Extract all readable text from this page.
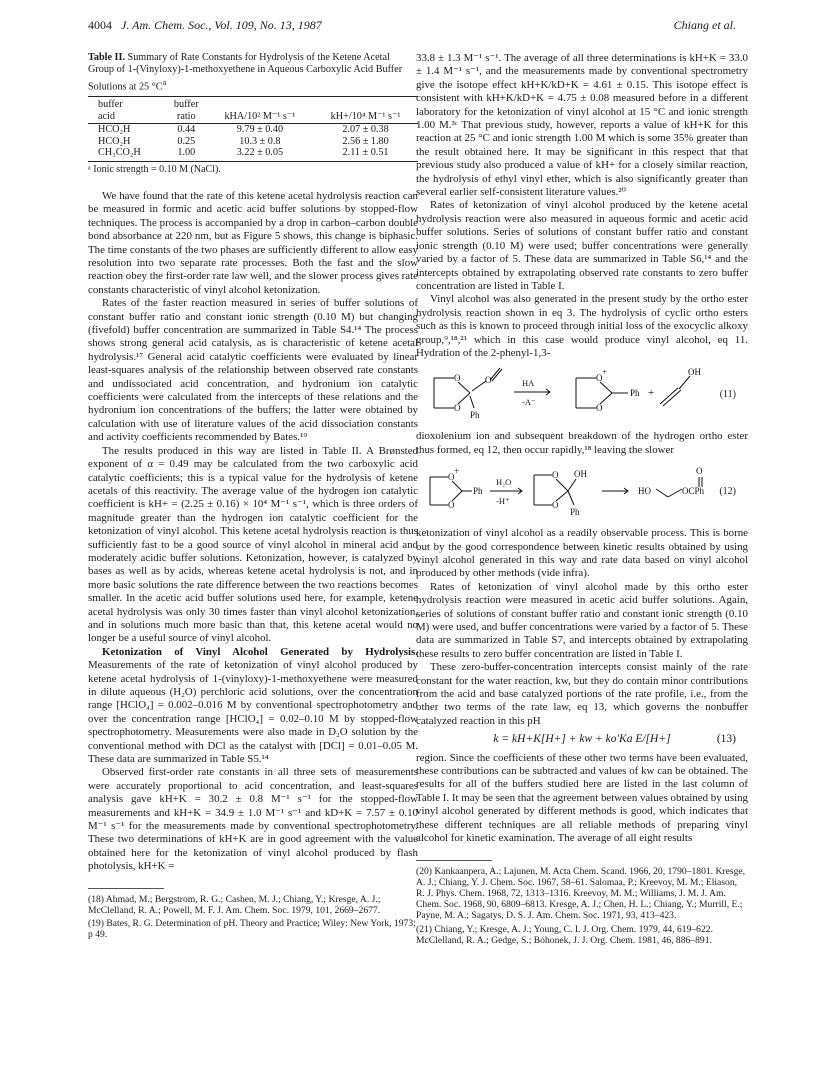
4004 J. Am. Chem. Soc., Vol. 109, No. 13, 1987	Chiang et al.
Table II. Summary of Rate Constants for Hydrolysis of the Ketene Acetal Group of 1-(Vinyloxy)-1-methoxyethene in Aqueous Carboxylic Acid Buffer Solutions at 25 $^\circ C^a$
buffer	buffer		
acid	ratio	kHA/10² M⁻¹ s⁻¹	kH+/10⁴ M⁻¹ s⁻¹
HCO₂H	0.44	9.79 ± 0.40	2.07 ± 0.38
HCO₂H	0.25	10.3 ± 0.8	2.56 ± 1.80
CH₃CO₂H	1.00	3.22 ± 0.05	2.11 ± 0.51
ᵃ Ionic strength = 0.10 M (NaCl).

We have found that the rate of this ketene acetal hydrolysis reaction can be measured in formic and acetic acid buffer solutions by stopped-flow techniques. The process is accompanied by a drop in carbon–carbon double bond absorbance at 220 nm, but as Figure 5 shows, this change is biphasic. The time constants of the two phases are sufficiently different to allow easy resolution into two separate rate processes. Both the fast and the slow reaction obey the first-order rate law well, and the slower process gives rate constants characteristic of vinyl alcohol ketonization.

Rates of the faster reaction measured in series of buffer solutions of constant buffer ratio and constant ionic strength (0.10 M) but changing (fivefold) buffer concentration are summarized in Table S4.¹⁴ The process shows strong general acid catalysis, as is characteristic of ketene acetal hydrolysis.¹⁷ General acid catalytic coefficients were evaluated by linear least-squares analysis of the relationship between observed rate constants and undissociated acid concentration, and hydronium ion catalytic coefficients were calculated from the intercepts of these relations and the hydronium ion concentrations of the buffers; the latter were obtained by calculation with use of literature values of the acid dissociation constants and activity coefficients recommended by Bates.¹⁹

The results produced in this way are listed in Table II. A Brønsted exponent of α = 0.49 may be calculated from the two carboxylic acid catalytic coefficients; this is a typical value for the hydrolysis of ketene acetals of this reactivity. The average value of the hydrogen ion catalytic coefficient is kH+ = (2.25 ± 0.16) × 10⁴ M⁻¹ s⁻¹, which is three orders of magnitude greater than the hydrogen ion catalytic coefficient for the ketonization of vinyl alcohol. This ketene acetal hydrolysis reaction is thus sufficiently fast to be a good source of vinyl alcohol in mineral acid and moderately acidic buffer solutions. Ketonization, however, is catalyzed by bases as well as by acids, whereas ketene acetal hydrolysis is not, and in more basic solutions the rate difference between the two reactions becomes smaller. In the acetic acid buffer solutions used here, for example, ketene acetal hydrolysis was only 30 times faster than vinyl alcohol ketonization, and in solutions much more basic than that, this ketene acetal would no longer be a useful source of vinyl alcohol.

Ketonization of Vinyl Alcohol Generated by Hydrolysis. Measurements of the rate of ketonization of vinyl alcohol produced by ketene acetal hydrolysis of 1-(vinyloxy)-1-methoxyethene were measured in dilute aqueous (H₂O) perchloric acid solutions, over the concentration range [HClO₄] = 0.002–0.016 M by conventional spectrophotometry and over the concentration range [HClO₄] = 0.02–0.10 M by stopped-flow spectrophotometry. Measurements were also made in D₂O solution by the conventional method with DCl as the catalyst with [DCl] = 0.01–0.05 M. These data are summarized in Table S5.¹⁴

Observed first-order rate constants in all three sets of measurements were accurately proportional to acid concentration, and least-squares analysis gave kH+K = 30.2 ± 0.8 M⁻¹ s⁻¹ for the stopped-flow measurements and kH+K = 34.9 ± 1.0 M⁻¹ s⁻¹ and kD+K = 7.57 ± 0.10 M⁻¹ s⁻¹ for the measurements made by conventional spectrophotometry. These two determinations of kH+K are in good agreement with the value obtained here for the ketonization of vinyl alcohol produced by flash photolysis, kH+K =

(18) Ahmad, M.; Bergstrom, R. G.; Cashen, M. J.; Chiang, Y.; Kresge, A. J.; McClelland, R. A.; Powell, M. F. J. Am. Chem. Soc. 1979, 101, 2669–2677.

(19) Bates, R. G. Determination of pH. Theory and Practice; Wiley: New York, 1973; p 49.

33.8 ± 1.3 M⁻¹ s⁻¹. The average of all three determinations is kH+K = 33.0 ± 1.4 M⁻¹ s⁻¹, and the measurements made by conventional spectrometry give the isotope effect kH+K/kD+K = 4.61 ± 0.15. This isotope effect is consistent with kH+K/kD+K = 4.75 ± 0.08 measured before in a different laboratory for the ketonization of vinyl alcohol at 15 °C and ionic strength 1.00 M.³ᶜ That previous study, however, reports a value of kH+K for this reaction at 25 °C and ionic strength 1.00 M which is some 35% greater than the result obtained here. It may be significant in this respect that that previous study also produced a value of kH+ for a closely similar reaction, the hydrolysis of ethyl vinyl ether, which is also significantly greater than several earlier self-consistent literature values.²⁰

Rates of ketonization of vinyl alcohol produced by the ketene acetal hydrolysis reaction were also measured in aqueous formic and acetic acid buffer solutions. Series of solutions of constant buffer ratio and constant ionic strength (0.10 M) were used; buffer concentrations were generally varied by a factor of 5. These data are summarized in Table S6,¹⁴ and the intercepts obtained by extrapolating observed rate constants to zero buffer concentration are listed in Table I.

Vinyl alcohol was also generated in the present study by the ortho ester hydrolysis reaction shown in eq 3. The hydrolysis of cyclic ortho esters such as this is known to proceed through initial loss of the exocyclic alkoxy group,⁹,¹⁸,²¹ which in this case would produce vinyl alcohol, eq 11. Hydration of the 2-phenyl-1,3-

O
O
O
Ph
HA
-A⁻
O
+
O
Ph +
OH
(11)

dioxolenium ion and subsequent breakdown of the hydrogen ortho ester thus formed, eq 12, then occur rapidly,¹⁸ leaving the slower

O
+
O
Ph
H₂O
-H⁺
O
O
OH
Ph
HO
O
OCPh (12)

ketonization of vinyl alcohol as a readily observable process. This is borne out by the good correspondence between kinetic results obtained by using vinyl alcohol generated in this way and rate data based on vinyl alcohol produced by other methods (vide infra).

Rates of ketonization of vinyl alcohol made by this ortho ester hydrolysis reaction were measured in acetic acid buffer solutions. Again, series of solutions of constant buffer ratio and constant ionic strength (0.10 M) were used, and buffer concentrations were varied by a factor of 5. These data are summarized in Table S7, and intercepts obtained by extrapolating these results to zero buffer concentration are listed in Table I.

These zero-buffer-concentration intercepts consist mainly of the rate constant for the water reaction, kw, but they do contain minor contributions from the acid and base catalyzed portions of the rate profile, i.e., from the other two terms of the rate law, eq 13, which governs the nonbuffer catalyzed reaction in this pH

k = kH+K[H+] + kw + ko′Ka E/[H+]	(13)

region. Since the coefficients of these other two terms have been evaluated, these contributions can be subtracted and values of kw can be obtained. The results for all of the buffers studied here are listed in the last column of Table I. It may be seen that the agreement between values obtained by using vinyl alcohol generated by different methods is good, which indicates that these different techniques are all reliable methods of preparing vinyl alcohol for kinetic examination. The average of all eight results

(20) Kankaanpera, A.; Lajunen, M. Acta Chem. Scand. 1966, 20, 1790–1801. Kresge, A. J.; Chiang, Y. J. Chem. Soc. 1967, 58–61. Salomaa, P.; Kreevoy, M. M.; Eliason, R. J. Phys. Chem. 1968, 72, 1313–1316. Kreevoy, M. M.; Williams, J. M. J. Am. Chem. Soc. 1968, 90, 6809–6813. Kresge, A. J.; Chen, H. L.; Chiang, Y.; Murrill, E.; Payne, M. A.; Sagatys, D. S. J. Am. Chem. Soc. 1971, 93, 413–423.

(21) Chiang, Y.; Kresge, A. J.; Young, C. I. J. Org. Chem. 1979, 44, 619–622. McClelland, R. A.; Gedge, S.; Bohonek, J. J. Org. Chem. 1981, 46, 886–891.
